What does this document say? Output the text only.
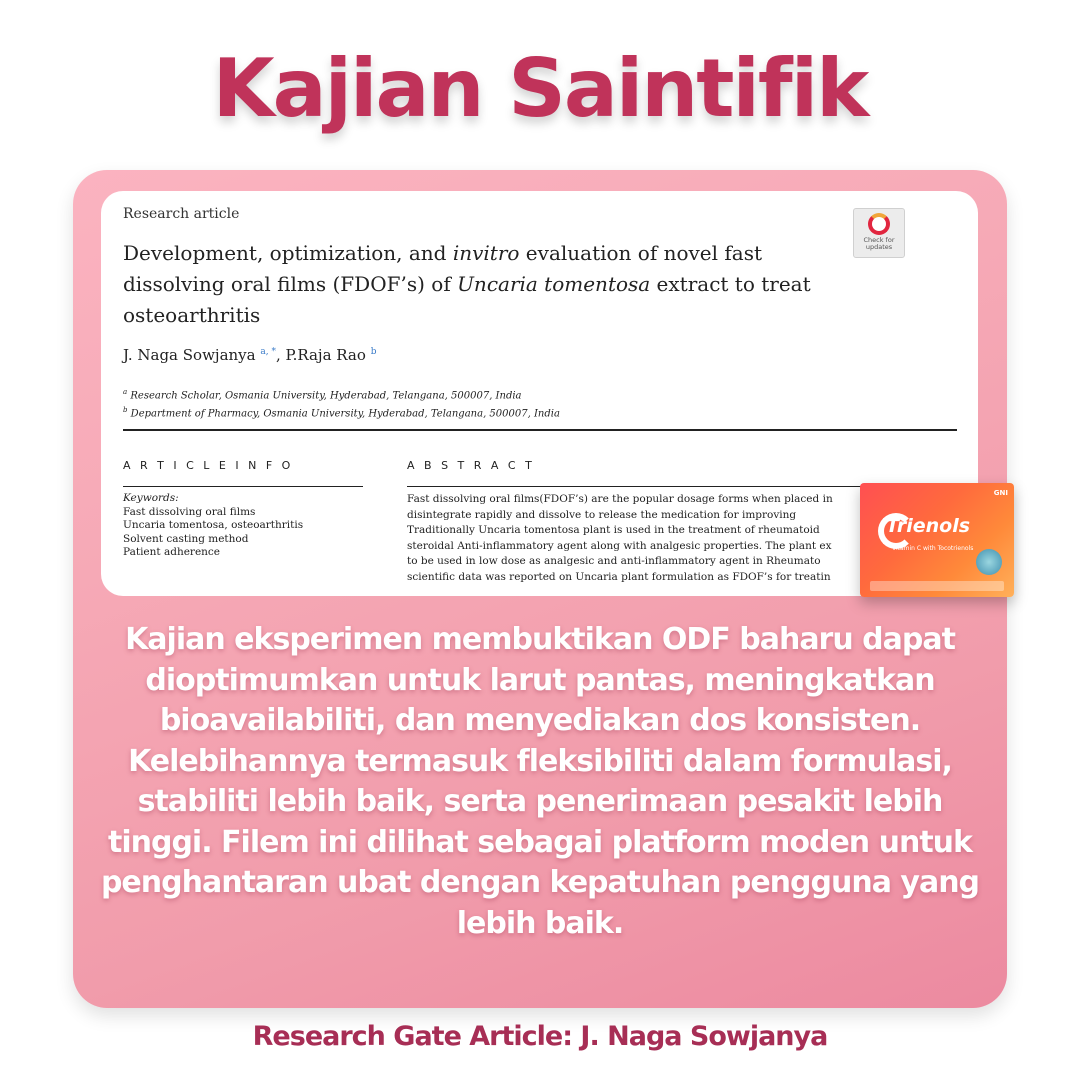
Kajian Saintifik
Research article
Development, optimization, and invitro evaluation of novel fast dissolving oral films (FDOF’s) of Uncaria tomentosa extract to treat osteoarthritis
Check for updates
J. Naga Sowjanya $^{a, *}$, P.Raja Rao $^b$
$^a$ Research Scholar, Osmania University, Hyderabad, Telangana, 500007, India
$^b$ Department of Pharmacy, Osmania University, Hyderabad, Telangana, 500007, India
A R T I C L E I N F O	A B S T R A C T
Keywords:
Fast dissolving oral films
Uncaria tomentosa, osteoarthritis
Solvent casting method
Patient adherence
Fast dissolving oral films(FDOF’s) are the popular dosage forms when placed in
disintegrate rapidly and dissolve to release the medication for improving
Traditionally Uncaria tomentosa plant is used in the treatment of rheumatoid
steroidal Anti-inflammatory agent along with analgesic properties. The plant ex
to be used in low dose as analgesic and anti-inflammatory agent in Rheumato
scientific data was reported on Uncaria plant formulation as FDOF’s for treatin
GNI
Trienols
Vitamin C with Tocotrienols
Kajian eksperimen membuktikan ODF baharu dapat dioptimumkan untuk larut pantas, meningkatkan bioavailabiliti, dan menyediakan dos konsisten. Kelebihannya termasuk fleksibiliti dalam formulasi, stabiliti lebih baik, serta penerimaan pesakit lebih tinggi. Filem ini dilihat sebagai platform moden untuk penghantaran ubat dengan kepatuhan pengguna yang lebih baik.
Research Gate Article: J. Naga Sowjanya
